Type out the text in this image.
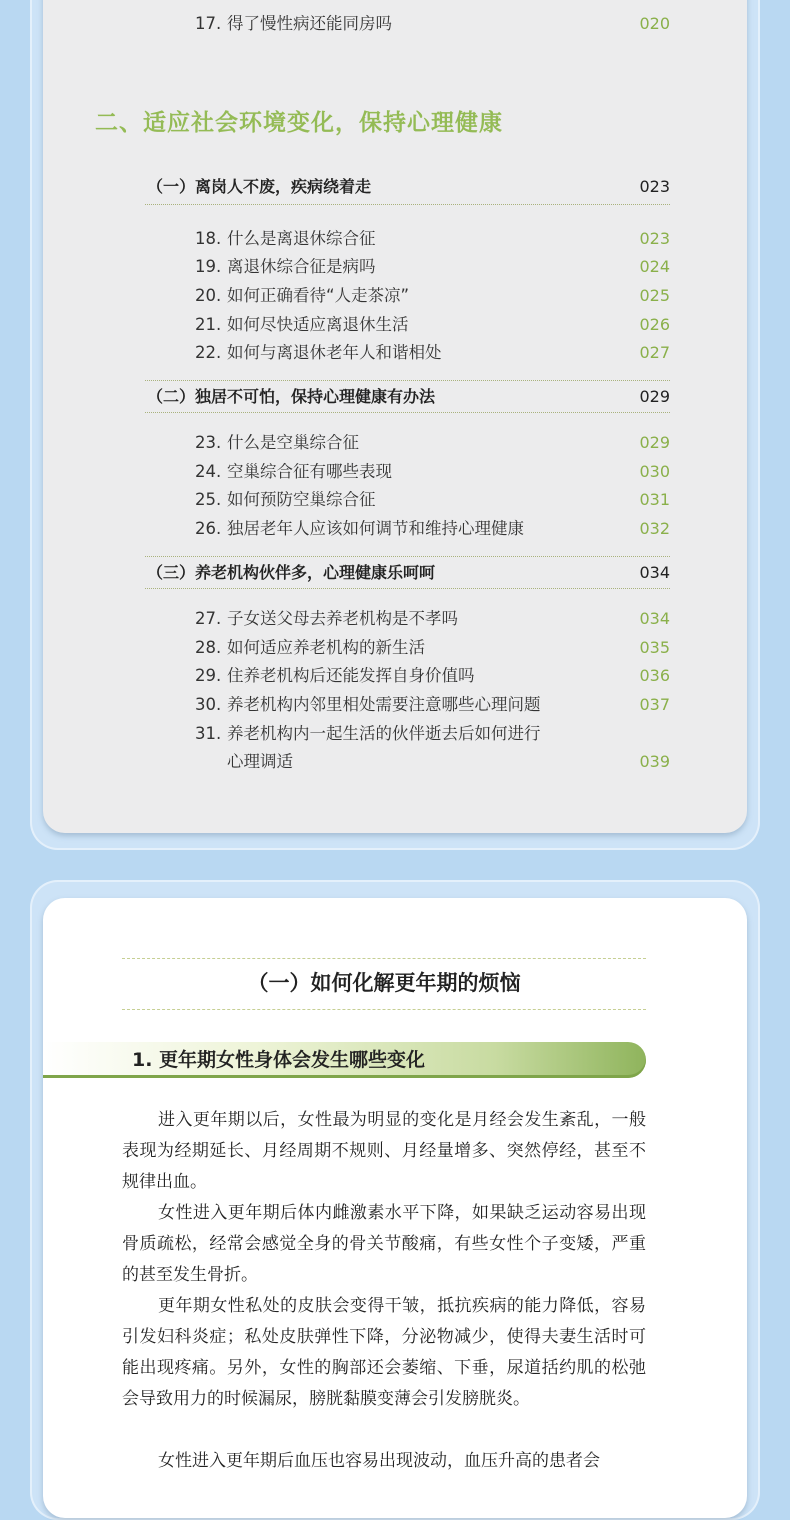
17. 得了慢性病还能同房吗	020
二、适应社会环境变化，保持心理健康
（一）离岗人不废，疾病绕着走	023
18. 什么是离退休综合征	023
19. 离退休综合征是病吗	024
20. 如何正确看待“人走茶凉”	025
21. 如何尽快适应离退休生活	026
22. 如何与离退休老年人和谐相处	027
（二）独居不可怕，保持心理健康有办法	029
23. 什么是空巢综合征	029
24. 空巢综合征有哪些表现	030
25. 如何预防空巢综合征	031
26. 独居老年人应该如何调节和维持心理健康	032
（三）养老机构伙伴多，心理健康乐呵呵	034
27. 子女送父母去养老机构是不孝吗	034
28. 如何适应养老机构的新生活	035
29. 住养老机构后还能发挥自身价值吗	036
30. 养老机构内邻里相处需要注意哪些心理问题	037
31. 养老机构内一起生活的伙伴逝去后如何进行
心理调适	039
（一）如何化解更年期的烦恼
1. 更年期女性身体会发生哪些变化

进入更年期以后，女性最为明显的变化是月经会发生紊乱，一般表现为经期延长、月经周期不规则、月经量增多、突然停经，甚至不规律出血。

女性进入更年期后体内雌激素水平下降，如果缺乏运动容易出现骨质疏松，经常会感觉全身的骨关节酸痛，有些女性个子变矮，严重的甚至发生骨折。

更年期女性私处的皮肤会变得干皱，抵抗疾病的能力降低，容易引发妇科炎症；私处皮肤弹性下降，分泌物减少，使得夫妻生活时可能出现疼痛。另外，女性的胸部还会萎缩、下垂，尿道括约肌的松弛会导致用力的时候漏尿，膀胱黏膜变薄会引发膀胱炎。

女性进入更年期后血压也容易出现波动，血压升高的患者会
